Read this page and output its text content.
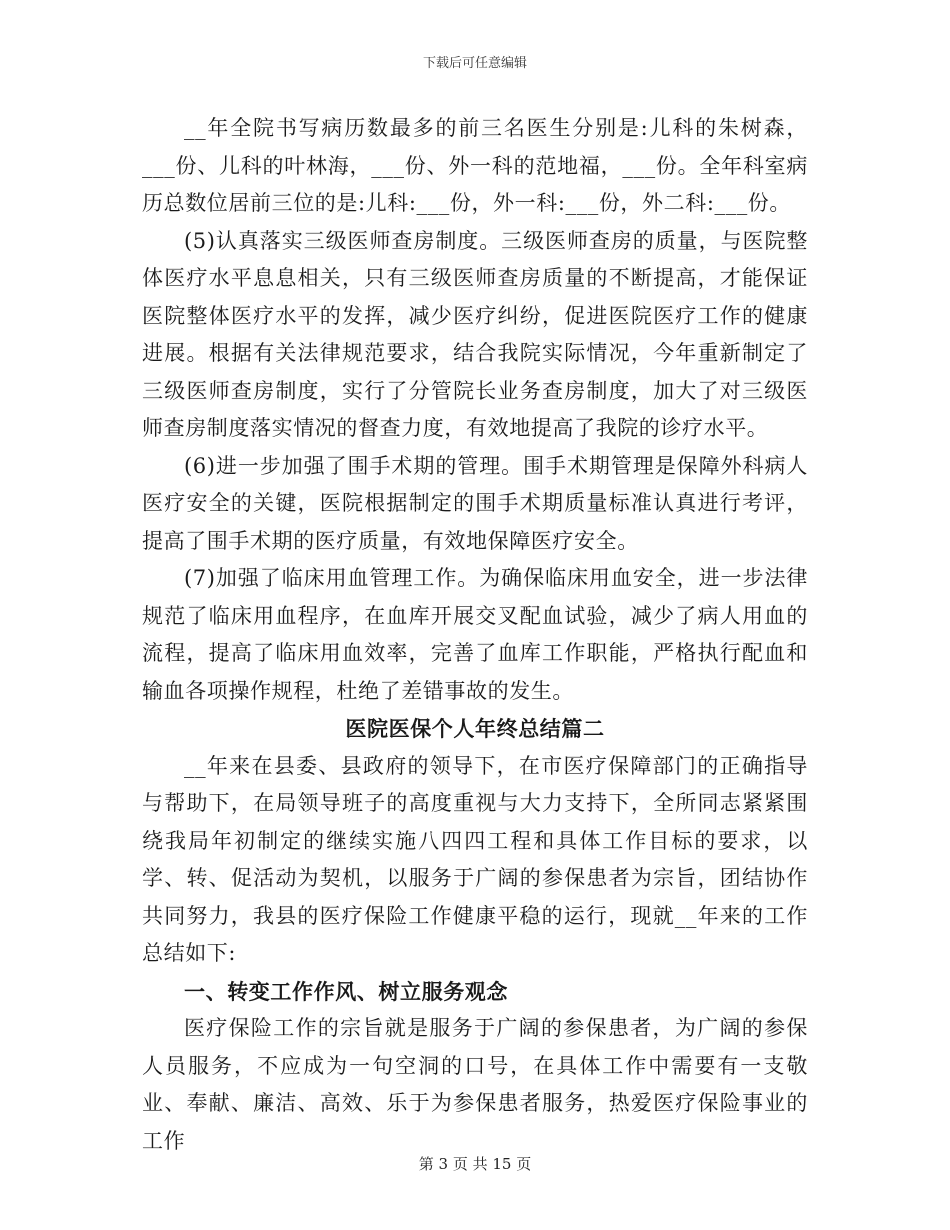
下载后可任意编辑

__年全院书写病历数最多的前三名医生分别是:儿科的朱树森，___份、儿科的叶林海，___份、外一科的范地福，___份。全年科室病历总数位居前三位的是:儿科:___份，外一科:___份，外二科:___份。

(5)认真落实三级医师查房制度。三级医师查房的质量，与医院整体医疗水平息息相关，只有三级医师查房质量的不断提高，才能保证医院整体医疗水平的发挥，减少医疗纠纷，促进医院医疗工作的健康进展。根据有关法律规范要求，结合我院实际情况，今年重新制定了三级医师查房制度，实行了分管院长业务查房制度，加大了对三级医师查房制度落实情况的督查力度，有效地提高了我院的诊疗水平。

(6)进一步加强了围手术期的管理。围手术期管理是保障外科病人医疗安全的关键，医院根据制定的围手术期质量标准认真进行考评，提高了围手术期的医疗质量，有效地保障医疗安全。

(7)加强了临床用血管理工作。为确保临床用血安全，进一步法律规范了临床用血程序，在血库开展交叉配血试验，减少了病人用血的流程，提高了临床用血效率，完善了血库工作职能，严格执行配血和输血各项操作规程，杜绝了差错事故的发生。

医院医保个人年终总结篇二

__年来在县委、县政府的领导下，在市医疗保障部门的正确指导与帮助下，在局领导班子的高度重视与大力支持下，全所同志紧紧围绕我局年初制定的继续实施八四四工程和具体工作目标的要求，以学、转、促活动为契机，以服务于广阔的参保患者为宗旨，团结协作共同努力，我县的医疗保险工作健康平稳的运行，现就__年来的工作总结如下:

一、转变工作作风、树立服务观念

医疗保险工作的宗旨就是服务于广阔的参保患者，为广阔的参保人员服务，不应成为一句空洞的口号，在具体工作中需要有一支敬业、奉献、廉洁、高效、乐于为参保患者服务，热爱医疗保险事业的工作

第 3 页 共 15 页
